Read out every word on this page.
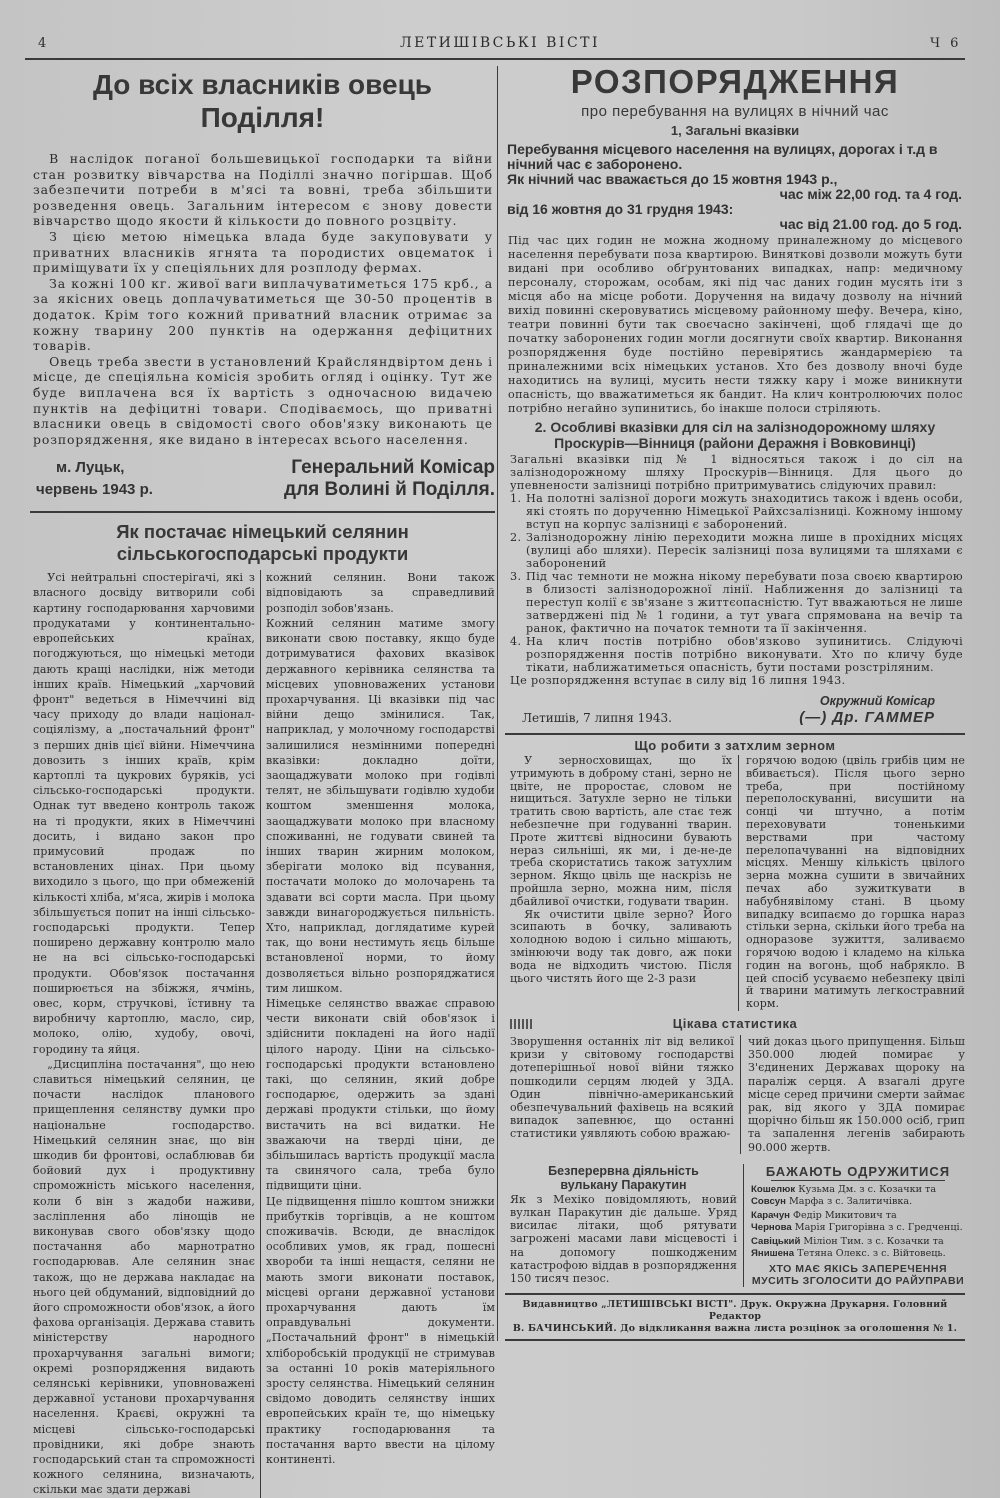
4	ЛЕТИШІВСЬКІ ВІСТІ	Ч 6
До всіх власників овець
Поділля!

В наслідок поганої большевицької господарки та війни стан розвитку вівчарства на Поділлі значно погіршав. Щоб забезпечити потреби в м'ясі та вовні, треба збільшити розведення овець. Загальним інтересом є знову довести вівчарство щодо якости й кількости до повного розцвіту.

З цією метою німецька влада буде закуповувати у приватних власників ягнята та породистих овцематок і приміщувати їх у спеціяльних для розплоду фермах.

За кожні 100 кг. живої ваги виплачуватиметься 175 крб., а за якісних овець доплачуватиметься ще 30-50 процентів в додаток. Крім того кожний приватний власник отримає за кожну тварину 200 пунктів на одержання дефіцитних товарів.

Овець треба звести в установлений Крайсляндвіртом день і місце, де спеціяльна комісія зробить огляд і оцінку. Тут же буде виплачена вся їх вартість з одночасною видачею пунктів на дефіцитні товари. Сподіваємось, що приватні власники овець в свідомості свого обов'язку виконають це розпорядження, яке видано в інтересах всього населення.

м. Луцьк,
червень 1943 р.
Генеральний Комісар
для Волині й Поділля.
Як постачає німецький селянин
сільськогосподарські продукти

Усі нейтральні спостерігачі, які з власного досвіду витворили собі картину господарювання харчовими продукатами у континентально-европейських країнах, погоджуються, що німецькі методи дають кращі наслідки, ніж методи інших країв. Німецький „харчовий фронт" ведеться в Німеччині від часу приходу до влади націонал-соціялізму, а „постачальний фронт" з перших днів цієї війни. Німеччина довозить з інших країв, крім картоплі та цукрових буряків, усі сільсько-господарські продукти. Однак тут введено контроль також на ті продукти, яких в Німеччині досить, і видано закон про примусовий продаж по встановлених цінах. При цьому виходило з цього, що при обмеженій кількості хліба, м'яса, жирів і молока збільшується попит на інші сільсько-господарські продукти. Тепер поширено державну контролю мало не на всі сільсько-господарські продукти. Обов'язок постачання поширюється на збіжжя, ячмінь, овес, корм, стручкові, їстивну та виробничу картоплю, масло, сир, молоко, олію, худобу, овочі, городину та яйця.

„Дисципліна постачання", що нею славиться німецький селянин, це почасти наслідок планового прищеплення селянству думки про національне господарство. Німецький селянин знає, що він шкодив би фронтові, ослаблював би бойовий дух і продуктивну спроможність міського населення, коли б він з жадоби наживи, засліплення або лінощів не виконував свого обов'язку щодо постачання або марнотратно господарював. Але селянин знає також, що не держава накладає на нього цей обдуманий, відповідний до його спроможности обов'язок, а його фахова організація. Держава ставить міністерству народного прохарчування загальні вимоги; окремі розпорядження видають селянські керівники, уповноважені державної установи прохарчування населення. Краєві, окружні та місцеві сільсько-господарські провідники, які добре знають господарський стан та спроможності кожного селянина, визначають, скільки має здати державі

кожний селянин. Вони також відповідають за справедливий розподіл зобов'язань.

Кожний селянин матиме змогу виконати свою поставку, якщо буде дотримуватися фахових вказівок державного керівника селянства та місцевих уповноважених установи прохарчування. Ці вказівки під час війни дещо змінилися. Так, наприклад, у молочному господарстві залишилися незмінними попередні вказівки: докладно доїти, заощаджувати молоко при годівлі телят, не збільшувати годівлю худоби коштом зменшення молока, заощаджувати молоко при власному споживанні, не годувати свиней та інших тварин жирним молоком, зберігати молоко від псування, постачати молоко до молочарень та здавати всі сорти масла. При цьому завжди винагороджується пильність. Хто, наприклад, доглядатиме курей так, що вони нестимуть яєць більше встановленої норми, то йому дозволяється вільно розпоряджатися тим лишком.

Німецьке селянство вважає справою чести виконати свій обов'язок і здійснити покладені на його надії цілого народу. Ціни на сільсько-господарські продукти встановлено такі, що селянин, який добре господарює, одержить за здані державі продукти стільки, що йому вистачить на всі видатки. Не зважаючи на тверді ціни, де збільшилась вартість продукції масла та свинячого сала, треба було підвищити ціни.

Це підвищення пішло коштом знижки прибутків торгівців, а не коштом споживачів. Всюди, де внаслідок особливих умов, як град, пошесні хвороби та інші нещастя, селяни не мають змоги виконати поставок, місцеві органи державної установи прохарчування дають їм оправдувальні документи. „Постачальний фронт" в німецькій хліборобській продукції не стримував за останні 10 років матеріяльного зросту селянства. Німецький селянин свідомо доводить селянству інших европейських країн те, що німецьку практику господарювання та постачання варто ввести на цілому континенті.

РОЗПОРЯДЖЕННЯ
про перебування на вулицях в нічний час
1, Загальні вказівки
Перебування місцевого населення на вулицях, дорогах і т.д в нічний час є заборонено.
Як нічний час вважається до 15 жовтня 1943 р.,
час між 22,00 год. та 4 год.
від 16 жовтня до 31 грудня 1943:
час від 21.00 год. до 5 год.

Під час цих годин не можна жодному приналежному до місцевого населення перебувати поза квартирою. Виняткові дозволи можуть бути видані при особливо обґрунтованих випадках, напр: медичному персоналу, сторожам, особам, які під час даних годин мусять іти з місця або на місце роботи. Доручення на видачу дозволу на нічний вихід повинні скеровуватись місцевому районному шефу. Вечера, кіно, театри повинні бути так своєчасно закінчені, щоб глядачі ще до початку заборонених годин могли досягнути своїх квартир. Виконання розпорядження буде постійно перевірятись жандармерією та приналежними всіх німецьких установ. Хто без дозволу вночі буде находитись на вулиці, мусить нести тяжку кару і може виникнути опасність, що вважатиметься як бандит. На клич контролюючих полос потрібно негайно зупинитись, бо інакше полоси стріляють.

2. Особливі вказівки для сіл на залізнодорожному шляху
Проскурів—Вінниця (райони Деражня і Вовковинці)

Загальні вказівки під № 1 відносяться також і до сіл на залізнодорожному шляху Проскурів—Вінниця. Для цього до упевнености залізниці потрібно притримуватись слідуючих правил:

1. На полотні залізної дороги можуть знаходитись також і вдень особи, які стоять по дорученню Німецької Райхсзалізниці. Кожному іншому вступ на корпус залізниці є заборонений.
2. Залізнодорожну лінію переходити можна лише в прохідних місцях (вулиці або шляхи). Пересік залізниці поза вулицями та шляхами є заборонений
3. Під час темноти не можна нікому перебувати поза своєю квартирою в близості залізнодорожної лінії. Наближення до залізниці та переступ колії є зв'язане з життєопасністю. Тут вважаються не лише затверджені під № 1 години, а тут увага спрямована на вечір та ранок, фактично на початок темноти та її закінчення.
4. На клич постів потрібно обов'язково зупинитись. Слідуючі розпорядження постів потрібно виконувати. Хто по кличу буде тікати, наближатиметься опасність, бути постами розстріляним.

Це розпорядження вступає в силу від 16 липня 1943.

Летишів, 7 липня 1943.
Окружний Комісар
(—) Др. ГАММЕР
Що робити з затхлим зерном

У зерносховищах, що їх утримують в доброму стані, зерно не цвіте, не проростає, словом не нищиться. Затухле зерно не тільки тратить свою вартість, але стає теж небезпечне при годуванні тварин. Проте життєві відносини бувають нераз сильніші, як ми, і де-не-де треба скористатись також затухлим зерном. Якщо цвіль ще наскрізь не пройшла зерно, можна ним, після дбайливої очистки, годувати тварин.

Як очистити цвіле зерно? Його зсипають в бочку, заливають холодною водою і сильно мішають, змінюючи воду так довго, аж поки вода не відходить чистою. Після цього чистять його ще 2-3 рази

горячою водою (цвіль грибів цим не вбивається). Після цього зерно треба, при постійному переполоскуванні, висушити на сонці чи штучно, а потім переховувати тоненькими верствами при частому перелопачуванні на відповідних місцях. Меншу кількість цвілого зерна можна сушити в звичайних печах або зужиткувати в набубнявілому стані. В цьому випадку всипаємо до горшка нараз стільки зерна, скільки його треба на одноразове зужиття, заливаємо горячою водою і кладемо на кілька годин на вогонь, щоб набрякло. В цей спосіб усуваємо небезпеку цвілі й тварини матимуть легкостравний корм.

Цікава статистика

Зворушення останніх літ від великої кризи у світовому господарстві дотеперішньої нової війни тяжко пошкодили серцям людей у ЗДА. Один північно-американський обезпечувальний фахівець на всякий випадок запевнює, що останні статистики уявляють собою вражаю-

чий доказ цього припущення. Більш 350.000 людей помирає у З'єдинених Державах щороку на параліж серця. А взагалі друге місце серед причини смерти займає рак, від якого у ЗДА помирає щорічно більш як 150.000 осіб, грип та запалення легенів забирають 90.000 жертв.

Безперервна діяльність
вулькану Паракутин

Як з Мехіко повідомляють, новий вулкан Паракутин діє дальше. Уряд висилає літаки, щоб рятувати загрожені масами лави місцевості і на допомогу пошкодженим катастрофою віддав в розпорядження 150 тисяч пезос.

БАЖАЮТЬ ОДРУЖИТИСЯ
Кошелюк Кузьма Дм. з с. Козачки та
Совсун Марфа з с. Залитичівка.
Карачун Федір Микитович та
Чернова Марія Григорівна з с. Гредченці.
Савіцький Міліон Тим. з с. Козачки та
Янишена Тетяна Олекс. з с. Війтовець.
ХТО МАЄ ЯКІСЬ ЗАПЕРЕЧЕННЯ
МУСИТЬ ЗГОЛОСИТИ ДО РАЙУПРАВИ
Видавництво „ЛЕТИШІВСЬКІ ВІСТІ". Друк. Окружна Друкарня. Головний Редактор
В. БАЧИНСЬКИЙ. До відкликання важна листа розцінок за оголошення № 1.
